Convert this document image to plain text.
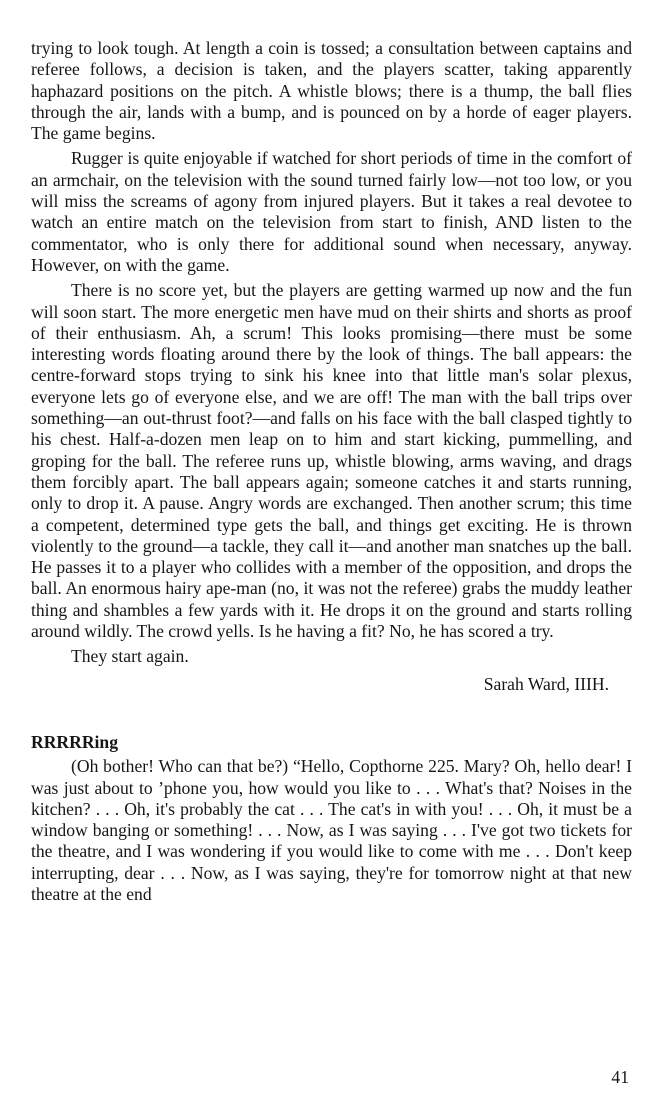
trying to look tough. At length a coin is tossed; a consultation between captains and referee follows, a decision is taken, and the players scatter, taking apparently haphazard positions on the pitch. A whistle blows; there is a thump, the ball flies through the air, lands with a bump, and is pounced on by a horde of eager players. The game begins.

Rugger is quite enjoyable if watched for short periods of time in the comfort of an armchair, on the television with the sound turned fairly low—not too low, or you will miss the screams of agony from injured players. But it takes a real devotee to watch an entire match on the television from start to finish, AND listen to the commentator, who is only there for additional sound when necessary, anyway. However, on with the game.

There is no score yet, but the players are getting warmed up now and the fun will soon start. The more energetic men have mud on their shirts and shorts as proof of their enthusiasm. Ah, a scrum! This looks promising—there must be some interesting words floating around there by the look of things. The ball appears: the centre-forward stops trying to sink his knee into that little man's solar plexus, everyone lets go of everyone else, and we are off! The man with the ball trips over something—an out-thrust foot?—and falls on his face with the ball clasped tightly to his chest. Half-a-dozen men leap on to him and start kicking, pummelling, and groping for the ball. The referee runs up, whistle blowing, arms waving, and drags them forcibly apart. The ball appears again; someone catches it and starts running, only to drop it. A pause. Angry words are exchanged. Then another scrum; this time a competent, determined type gets the ball, and things get exciting. He is thrown violently to the ground—a tackle, they call it—and another man snatches up the ball. He passes it to a player who collides with a member of the opposition, and drops the ball. An enormous hairy ape-man (no, it was not the referee) grabs the muddy leather thing and shambles a few yards with it. He drops it on the ground and starts rolling around wildly. The crowd yells. Is he having a fit? No, he has scored a try.

They start again.

Sarah Ward, IIIH.
RRRRRing

(Oh bother! Who can that be?) “Hello, Copthorne 225. Mary? Oh, hello dear! I was just about to ’phone you, how would you like to . . . What's that? Noises in the kitchen? . . . Oh, it's probably the cat . . . The cat's in with you! . . . Oh, it must be a window banging or something! . . . Now, as I was saying . . . I've got two tickets for the theatre, and I was wondering if you would like to come with me . . . Don't keep interrupting, dear . . . Now, as I was saying, they're for tomorrow night at that new theatre at the end

41
